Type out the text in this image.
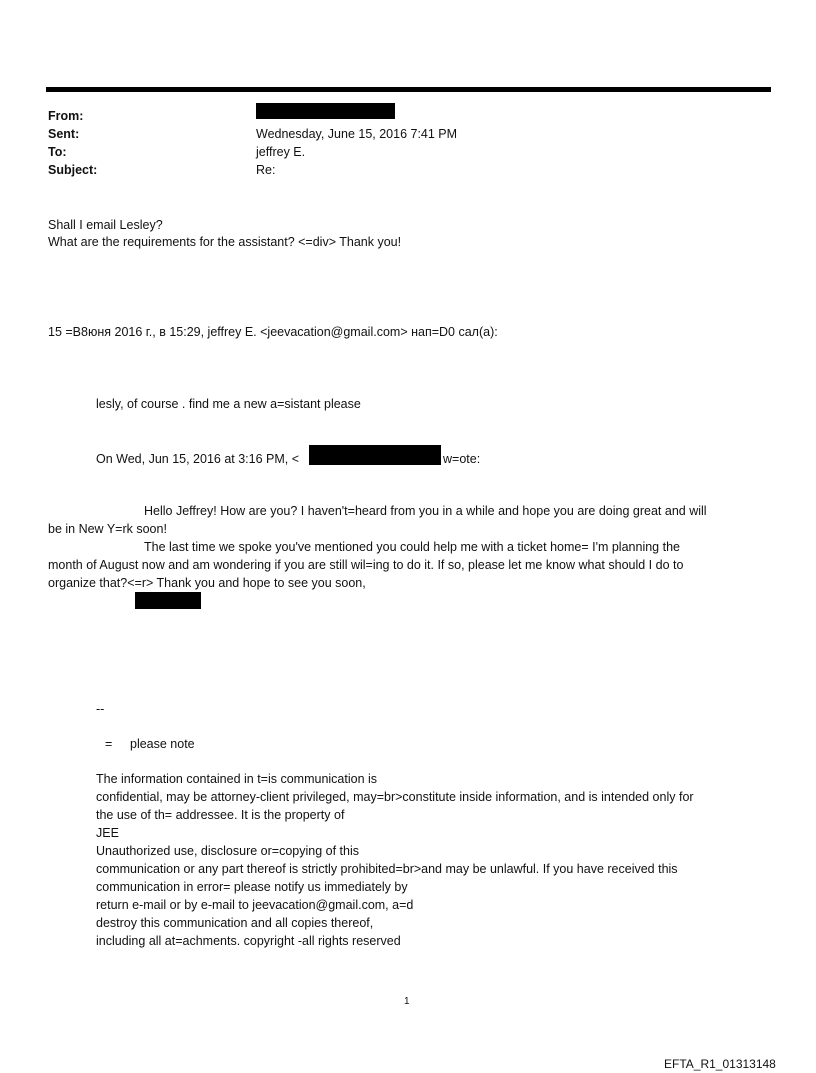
From:
Sent:
To:
Subject:
Wednesday, June 15, 2016 7:41 PM
jeffrey E.
Re:
Shall I email Lesley?
What are the requirements for the assistant? <=div> Thank you!
15 =B8юня 2016 г., в 15:29, jeffrey E. <jeevacation@gmail.com> нап=D0 сал(а):
lesly, of course . find me a new a=sistant please
On Wed, Jun 15, 2016 at 3:16 PM, <	w=ote:
Hello Jeffrey! How are you? I haven't=heard from you in a while and hope you are doing great and will
be in New Y=rk soon!
The last time we spoke you've mentioned you could help me with a ticket home= I'm planning the
month of August now and am wondering if you are still wil=ing to do it. If so, please let me know what should I do to
organize that?<=r> Thank you and hope to see you soon,
--
= please note
The information contained in t=is communication is
confidential, may be attorney-client privileged, may=br>constitute inside information, and is intended only for
the use of th= addressee. It is the property of
JEE
Unauthorized use, disclosure or=copying of this
communication or any part thereof is strictly prohibited=br>and may be unlawful. If you have received this
communication in error= please notify us immediately by
return e-mail or by e-mail to jeevacation@gmail.com, a=d
destroy this communication and all copies thereof,
including all at=achments. copyright -all rights reserved
1
EFTA_R1_01313148
